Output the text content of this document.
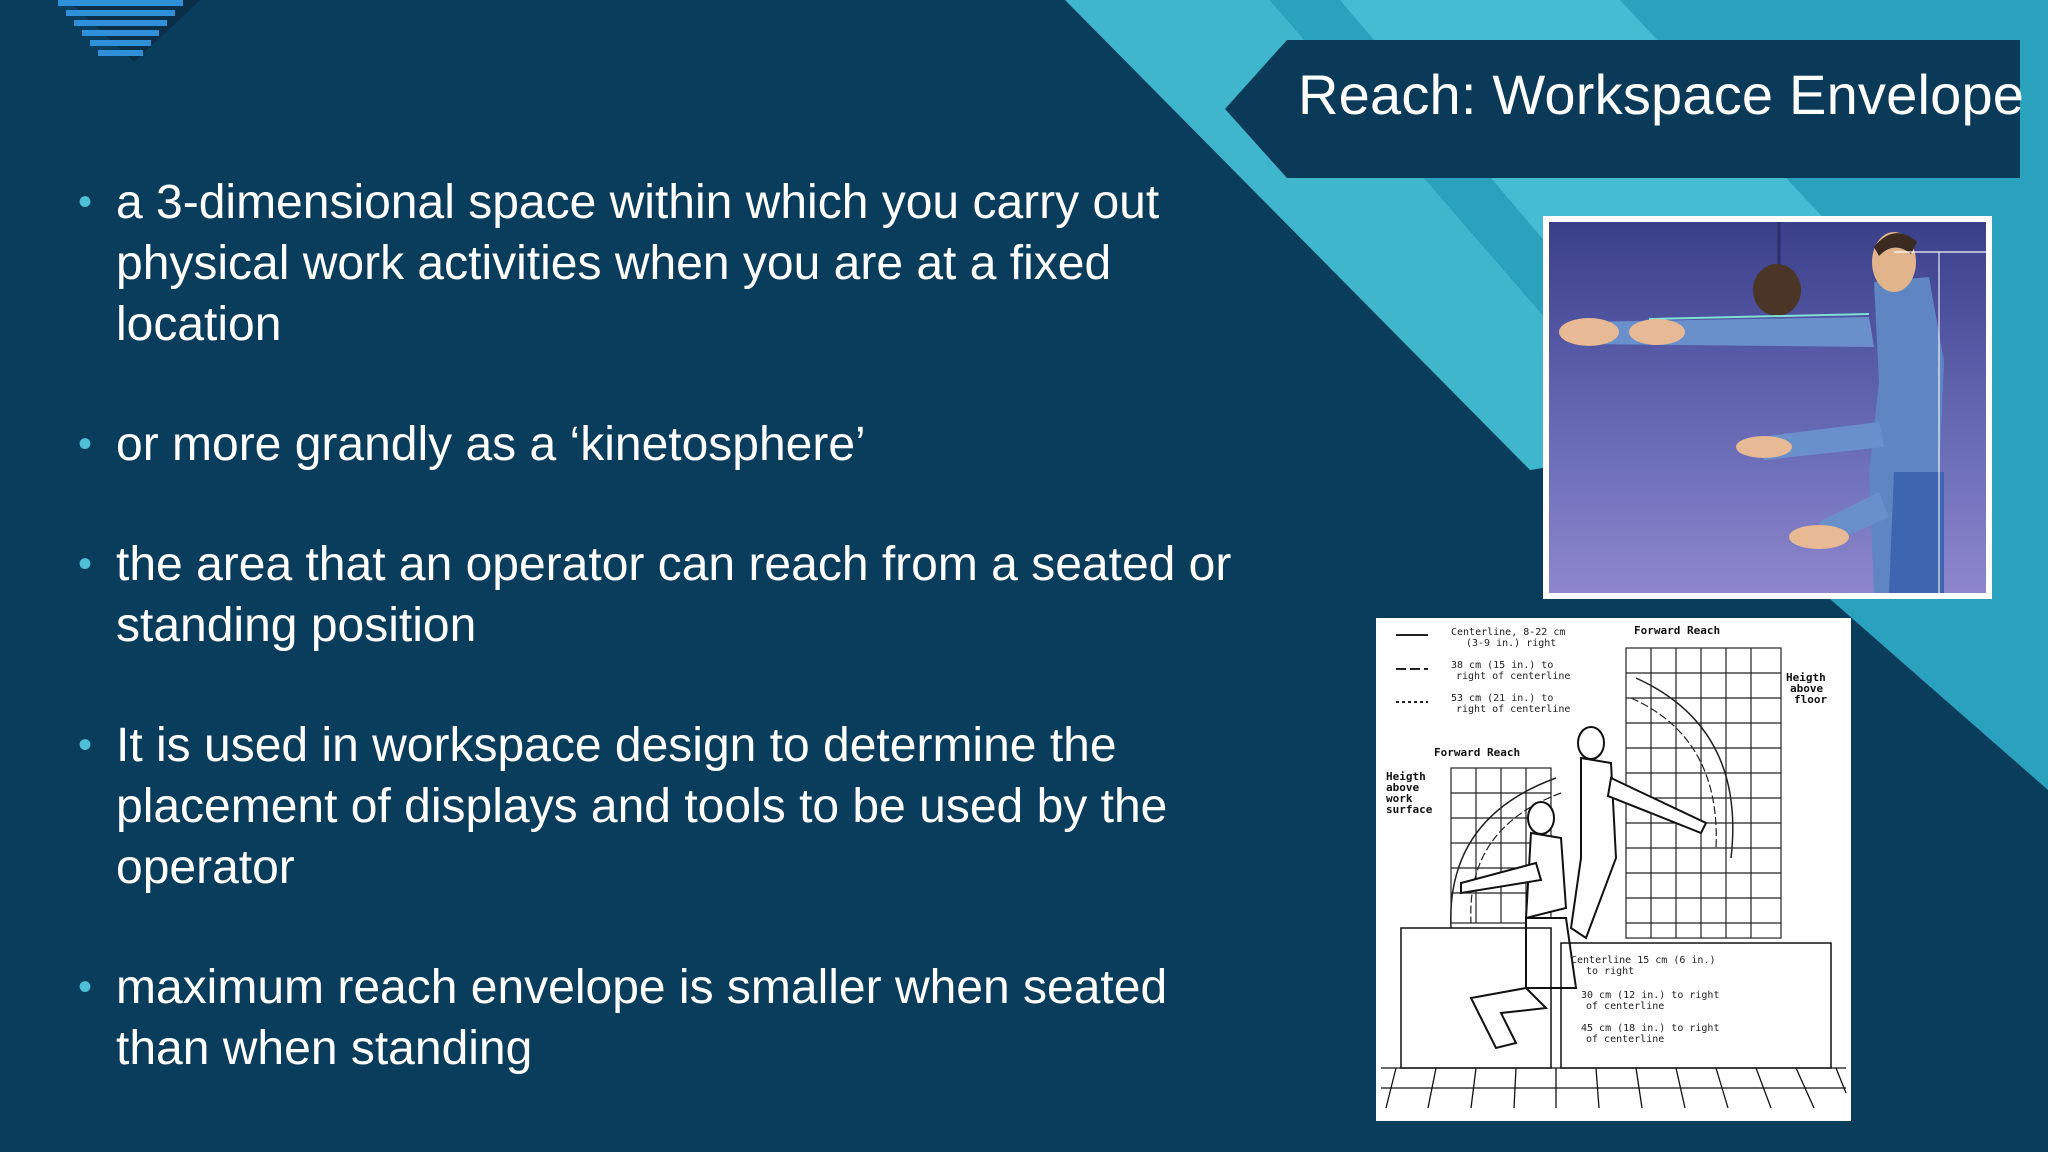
Reach: Workspace Envelope
• a 3-dimensional space within which you carry out physical work activities when you are at a fixed location
• or more grandly as a ‘kinetosphere’
• the area that an operator can reach from a seated or standing position
• It is used in workspace design to determine the placement of displays and tools to be used by the operator
• maximum reach envelope is smaller when seated than when standing
Centerline, 8-22 cm
(3-9 in.) right
38 cm (15 in.) to
right of centerline
53 cm (21 in.) to
right of centerline
Forward Reach
Forward Reach
Heigth
above
floor
Heigth
above
work
surface
Centerline 15 cm (6 in.)
to right
30 cm (12 in.) to right
of centerline
45 cm (18 in.) to right
of centerline
